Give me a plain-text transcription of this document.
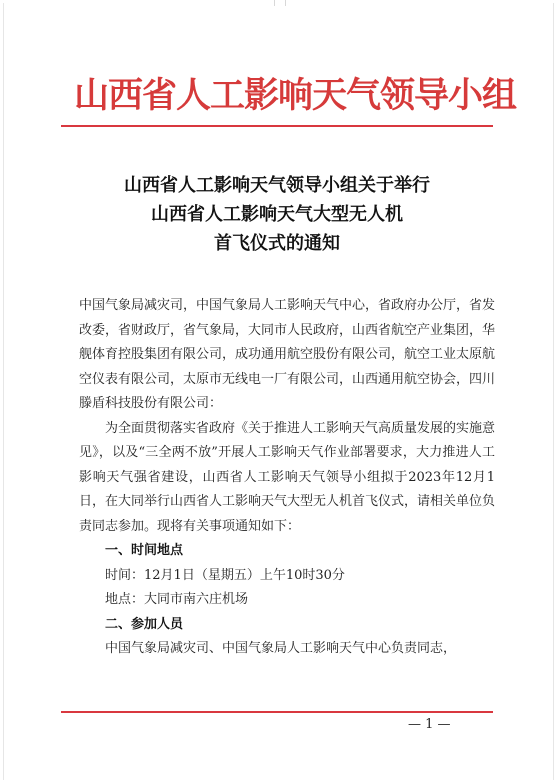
山西省人工影响天气领导小组
山西省人工影响天气领导小组关于举行
山西省人工影响天气大型无人机
首飞仪式的通知

中国气象局减灾司，中国气象局人工影响天气中心，省政府办公厅，省发改委，省财政厅，省气象局，大同市人民政府，山西省航空产业集团，华舰体育控股集团有限公司，成功通用航空股份有限公司，航空工业太原航空仪表有限公司，太原市无线电一厂有限公司，山西通用航空协会，四川滕盾科技股份有限公司：

为全面贯彻落实省政府《关于推进人工影响天气高质量发展的实施意见》，以及“三全两不放”开展人工影响天气作业部署要求，大力推进人工影响天气强省建设，山西省人工影响天气领导小组拟于2023年12月1日，在大同举行山西省人工影响天气大型无人机首飞仪式，请相关单位负责同志参加。现将有关事项通知如下：

一、时间地点

时间：12月1日（星期五）上午10时30分

地点：大同市南六庄机场

二、参加人员

中国气象局减灾司、中国气象局人工影响天气中心负责同志，

— 1 —
